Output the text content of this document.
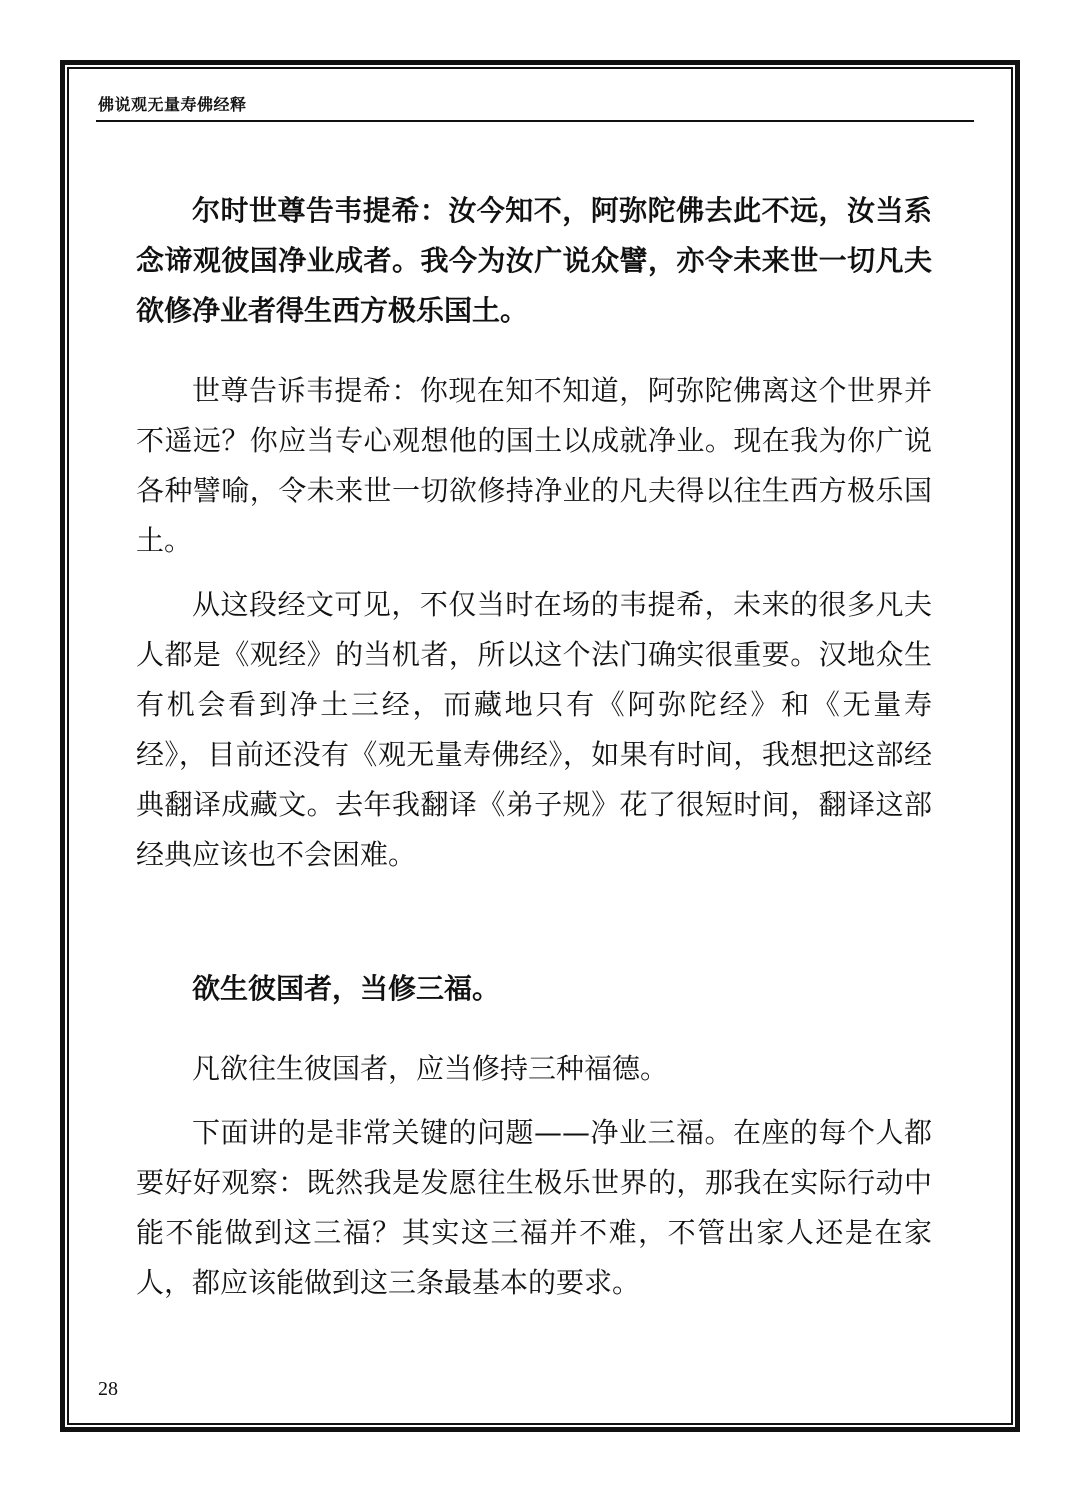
佛说观无量寿佛经释

尔时世尊告韦提希：汝今知不，阿弥陀佛去此不远，汝当系念谛观彼国净业成者。我今为汝广说众譬，亦令未来世一切凡夫欲修净业者得生西方极乐国土。

世尊告诉韦提希：你现在知不知道，阿弥陀佛离这个世界并不遥远？你应当专心观想他的国土以成就净业。现在我为你广说各种譬喻，令未来世一切欲修持净业的凡夫得以往生西方极乐国土。

从这段经文可见，不仅当时在场的韦提希，未来的很多凡夫人都是《观经》的当机者，所以这个法门确实很重要。汉地众生有机会看到净土三经，而藏地只有《阿弥陀经》和《无量寿经》，目前还没有《观无量寿佛经》，如果有时间，我想把这部经典翻译成藏文。去年我翻译《弟子规》花了很短时间，翻译这部经典应该也不会困难。

欲生彼国者，当修三福。

凡欲往生彼国者，应当修持三种福德。

下面讲的是非常关键的问题——净业三福。在座的每个人都要好好观察：既然我是发愿往生极乐世界的，那我在实际行动中能不能做到这三福？其实这三福并不难，不管出家人还是在家人，都应该能做到这三条最基本的要求。

28
